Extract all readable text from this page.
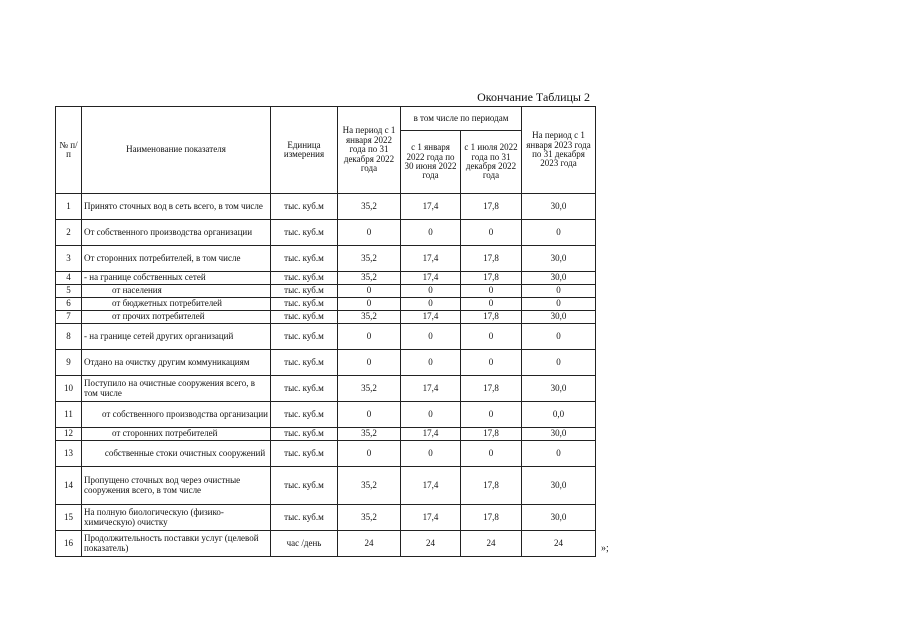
Окончание Таблицы 2
№ п/п	Наименование показателя	Единица измерения	На период с 1 января 2022 года по 31 декабря 2022 года	в том числе по периодам		На период с 1 января 2023 года по 31 декабря 2023 года
				с 1 января 2022 года по 30 июня 2022 года	с 1 июля 2022 года по 31 декабря 2022 года	
1	Принято сточных вод в сеть всего, в том числе	тыс. куб.м	35,2	17,4	17,8	30,0
2	От собственного производства организации	тыс. куб.м	0	0	0	0
3	От сторонних потребителей, в том числе	тыс. куб.м	35,2	17,4	17,8	30,0
4	- на границе собственных сетей	тыс. куб.м	35,2	17,4	17,8	30,0
5	от населения	тыс. куб.м	0	0	0	0
6	от бюджетных потребителей	тыс. куб.м	0	0	0	0
7	от прочих потребителей	тыс. куб.м	35,2	17,4	17,8	30,0
8	- на границе сетей других организаций	тыс. куб.м	0	0	0	0
9	Отдано на очистку другим коммуникациям	тыс. куб.м	0	0	0	0
10	Поступило на очистные сооружения всего, в том числе	тыс. куб.м	35,2	17,4	17,8	30,0
11	от собственного производства организации	тыс. куб.м	0	0	0	0,0
12	от сторонних потребителей	тыс. куб.м	35,2	17,4	17,8	30,0
13	собственные стоки очистных сооружений	тыс. куб.м	0	0	0	0
14	Пропущено сточных вод через очистные сооружения всего, в том числе	тыс. куб.м	35,2	17,4	17,8	30,0
15	На полную биологическую (физико-химическую) очистку	тыс. куб.м	35,2	17,4	17,8	30,0
16	Продолжительность поставки услуг (целевой показатель)	час /день	24	24	24	24
»;
